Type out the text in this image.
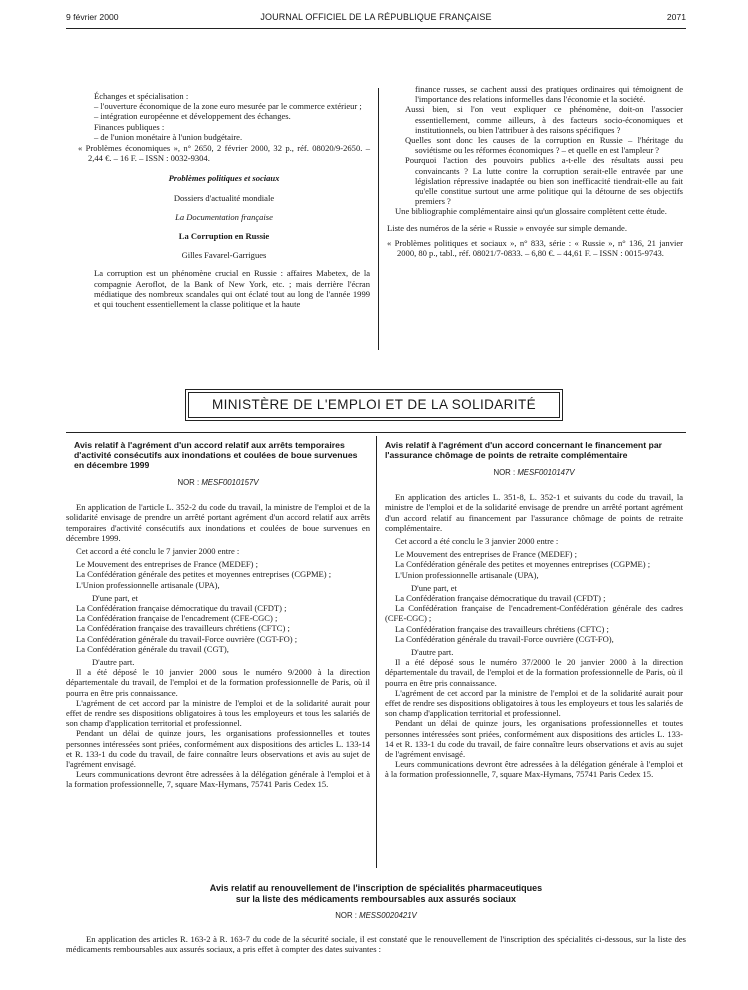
9 février 2000	JOURNAL OFFICIEL DE LA RÉPUBLIQUE FRANÇAISE	2071

Échanges et spécialisation :

– l'ouverture économique de la zone euro mesurée par le commerce extérieur ;

– intégration européenne et développement des échanges.

Finances publiques :

– de l'union monétaire à l'union budgétaire.

« Problèmes économiques », n° 2650, 2 février 2000, 32 p., réf. 08020/9-2650. – 2,44 €. – 16 F. – ISSN : 0032-9304.

Problèmes politiques et sociaux

Dossiers d'actualité mondiale

La Documentation française

La Corruption en Russie

Gilles Favarel-Garrigues

La corruption est un phénomène crucial en Russie : affaires Mabetex, de la compagnie Aeroflot, de la Bank of New York, etc. ; mais derrière l'écran médiatique des nombreux scandales qui ont éclaté tout au long de l'année 1999 et qui touchent essentiellement la classe politique et la haute

finance russes, se cachent aussi des pratiques ordinaires qui témoignent de l'importance des relations informelles dans l'économie et la société.

Aussi bien, si l'on veut expliquer ce phénomène, doit-on l'associer essentiellement, comme ailleurs, à des facteurs socio-économiques et institutionnels, ou bien l'attribuer à des raisons spécifiques ?

Quelles sont donc les causes de la corruption en Russie – l'héritage du soviétisme ou les réformes économiques ? – et quelle en est l'ampleur ?

Pourquoi l'action des pouvoirs publics a-t-elle des résultats aussi peu convaincants ? La lutte contre la corruption serait-elle entravée par une législation répressive inadaptée ou bien son inefficacité tiendrait-elle au fait qu'elle constitue surtout une arme politique qui la détourne de ses objectifs premiers ?

Une bibliographie complémentaire ainsi qu'un glossaire complètent cette étude.

Liste des numéros de la série « Russie » envoyée sur simple demande.

« Problèmes politiques et sociaux », n° 833, série : « Russie », n° 136, 21 janvier 2000, 80 p., tabl., réf. 08021/7-0833. – 6,80 €. – 44,61 F. – ISSN : 0015-9743.

MINISTÈRE DE L'EMPLOI ET DE LA SOLIDARITÉ

Avis relatif à l'agrément d'un accord relatif aux arrêts temporaires d'activité consécutifs aux inondations et coulées de boue survenues en décembre 1999

NOR : MESF0010157V

En application de l'article L. 352-2 du code du travail, la ministre de l'emploi et de la solidarité envisage de prendre un arrêté portant agrément d'un accord relatif aux arrêts temporaires d'activité consécutifs aux inondations et coulées de boue survenues en décembre 1999.

Cet accord a été conclu le 7 janvier 2000 entre :

Le Mouvement des entreprises de France (MEDEF) ;

La Confédération générale des petites et moyennes entreprises (CGPME) ;

L'Union professionnelle artisanale (UPA),

D'une part, et

La Confédération française démocratique du travail (CFDT) ;

La Confédération française de l'encadrement (CFE-CGC) ;

La Confédération française des travailleurs chrétiens (CFTC) ;

La Confédération générale du travail-Force ouvrière (CGT-FO) ;

La Confédération générale du travail (CGT),

D'autre part.

Il a été déposé le 10 janvier 2000 sous le numéro 9/2000 à la direction départementale du travail, de l'emploi et de la formation professionnelle de Paris, où il pourra en être pris connaissance.

L'agrément de cet accord par la ministre de l'emploi et de la solidarité aurait pour effet de rendre ses dispositions obligatoires à tous les employeurs et tous les salariés de son champ d'application territorial et professionnel.

Pendant un délai de quinze jours, les organisations professionnelles et toutes personnes intéressées sont priées, conformément aux dispositions des articles L. 133-14 et R. 133-1 du code du travail, de faire connaître leurs observations et avis au sujet de l'agrément envisagé.

Leurs communications devront être adressées à la délégation générale à l'emploi et à la formation professionnelle, 7, square Max-Hymans, 75741 Paris Cedex 15.

Avis relatif à l'agrément d'un accord concernant le financement par l'assurance chômage de points de retraite complémentaire

NOR : MESF0010147V

En application des articles L. 351-8, L. 352-1 et suivants du code du travail, la ministre de l'emploi et de la solidarité envisage de prendre un arrêté portant agrément d'un accord relatif au financement par l'assurance chômage de points de retraite complémentaire.

Cet accord a été conclu le 3 janvier 2000 entre :

Le Mouvement des entreprises de France (MEDEF) ;

La Confédération générale des petites et moyennes entreprises (CGPME) ;

L'Union professionnelle artisanale (UPA),

D'une part, et

La Confédération française démocratique du travail (CFDT) ;

La Confédération française de l'encadrement-Confédération générale des cadres (CFE-CGC) ;

La Confédération française des travailleurs chrétiens (CFTC) ;

La Confédération générale du travail-Force ouvrière (CGT-FO),

D'autre part.

Il a été déposé sous le numéro 37/2000 le 20 janvier 2000 à la direction départementale du travail, de l'emploi et de la formation professionnelle de Paris, où il pourra en être pris connaissance.

L'agrément de cet accord par la ministre de l'emploi et de la solidarité aurait pour effet de rendre ses dispositions obligatoires à tous les employeurs et tous les salariés de son champ d'application territorial et professionnel.

Pendant un délai de quinze jours, les organisations professionnelles et toutes personnes intéressées sont priées, conformément aux dispositions des articles L. 133-14 et R. 133-1 du code du travail, de faire connaître leurs observations et avis au sujet de l'agrément envisagé.

Leurs communications devront être adressées à la délégation générale à l'emploi et à la formation professionnelle, 7, square Max-Hymans, 75741 Paris Cedex 15.

Avis relatif au renouvellement de l'inscription de spécialités pharmaceutiques
sur la liste des médicaments remboursables aux assurés sociaux
NOR : MESS0020421V

En application des articles R. 163-2 à R. 163-7 du code de la sécurité sociale, il est constaté que le renouvellement de l'inscription des spécialités ci-dessous, sur la liste des médicaments remboursables aux assurés sociaux, a pris effet à compter des dates suivantes :
